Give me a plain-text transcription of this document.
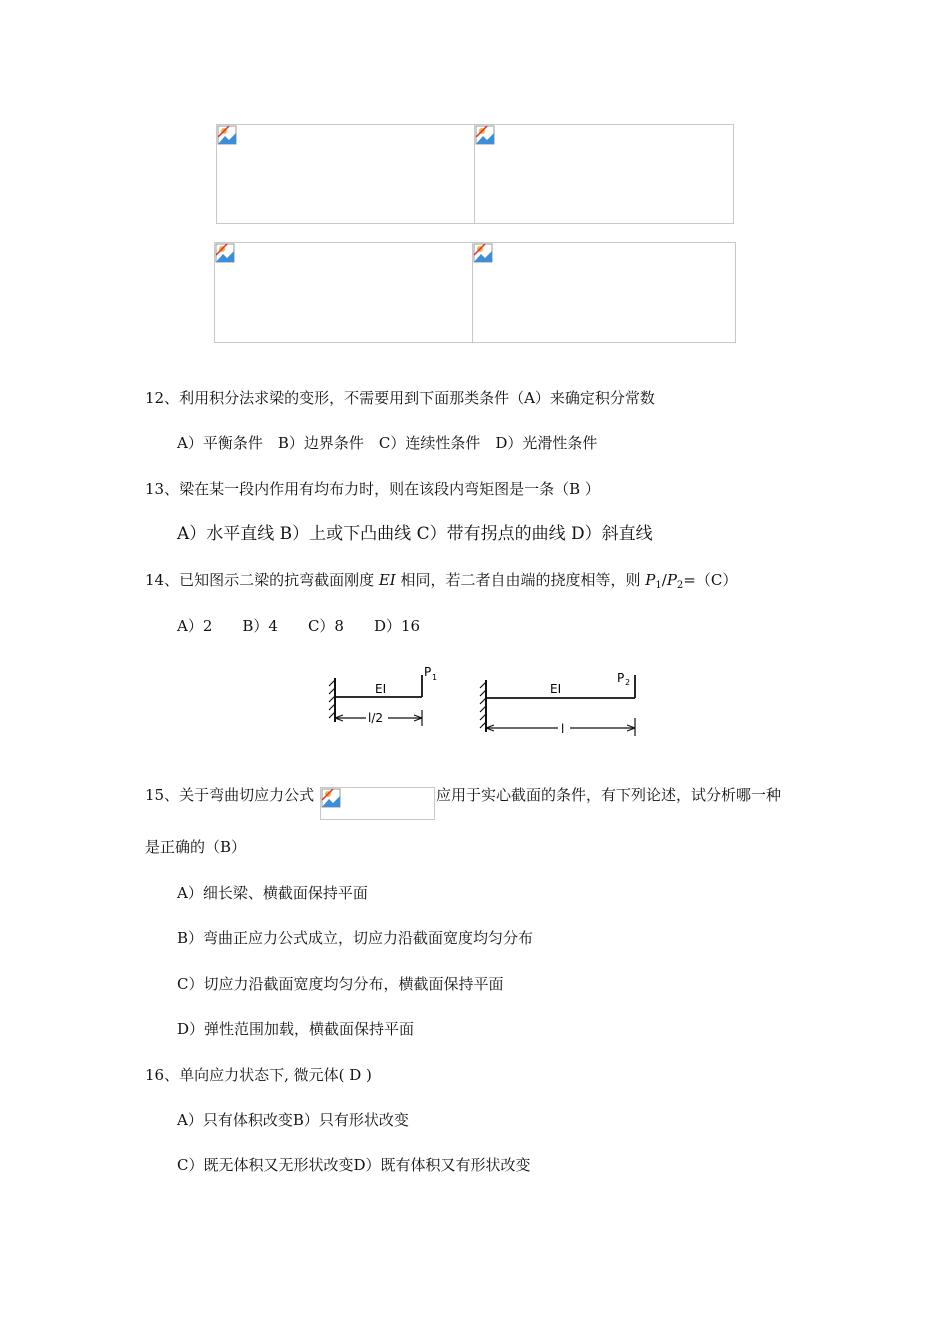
12、利用积分法求梁的变形，不需要用到下面那类条件（A）来确定积分常数
A）平衡条件　B）边界条件　C）连续性条件　D）光滑性条件
13、梁在某一段内作用有均布力时，则在该段内弯矩图是一条（B ）
A）水平直线 B）上或下凸曲线 C）带有拐点的曲线 D）斜直线
14、已知图示二梁的抗弯截面刚度 EI 相同，若二者自由端的挠度相等，则 $P_1/P_2=(C)$
A）2　　B）4　　C）8　　D）16
EI
P 1
l/2
EI
P 2
l
15、关于弯曲切应力公式	应用于实心截面的条件，有下列论述，试分析哪一种
是正确的（B）
A）细长梁、横截面保持平面
B）弯曲正应力公式成立，切应力沿截面宽度均匀分布
C）切应力沿截面宽度均匀分布，横截面保持平面
D）弹性范围加载，横截面保持平面
16、单向应力状态下, 微元体( D )
A）只有体积改变B）只有形状改变
C）既无体积又无形状改变D）既有体积又有形状改变
